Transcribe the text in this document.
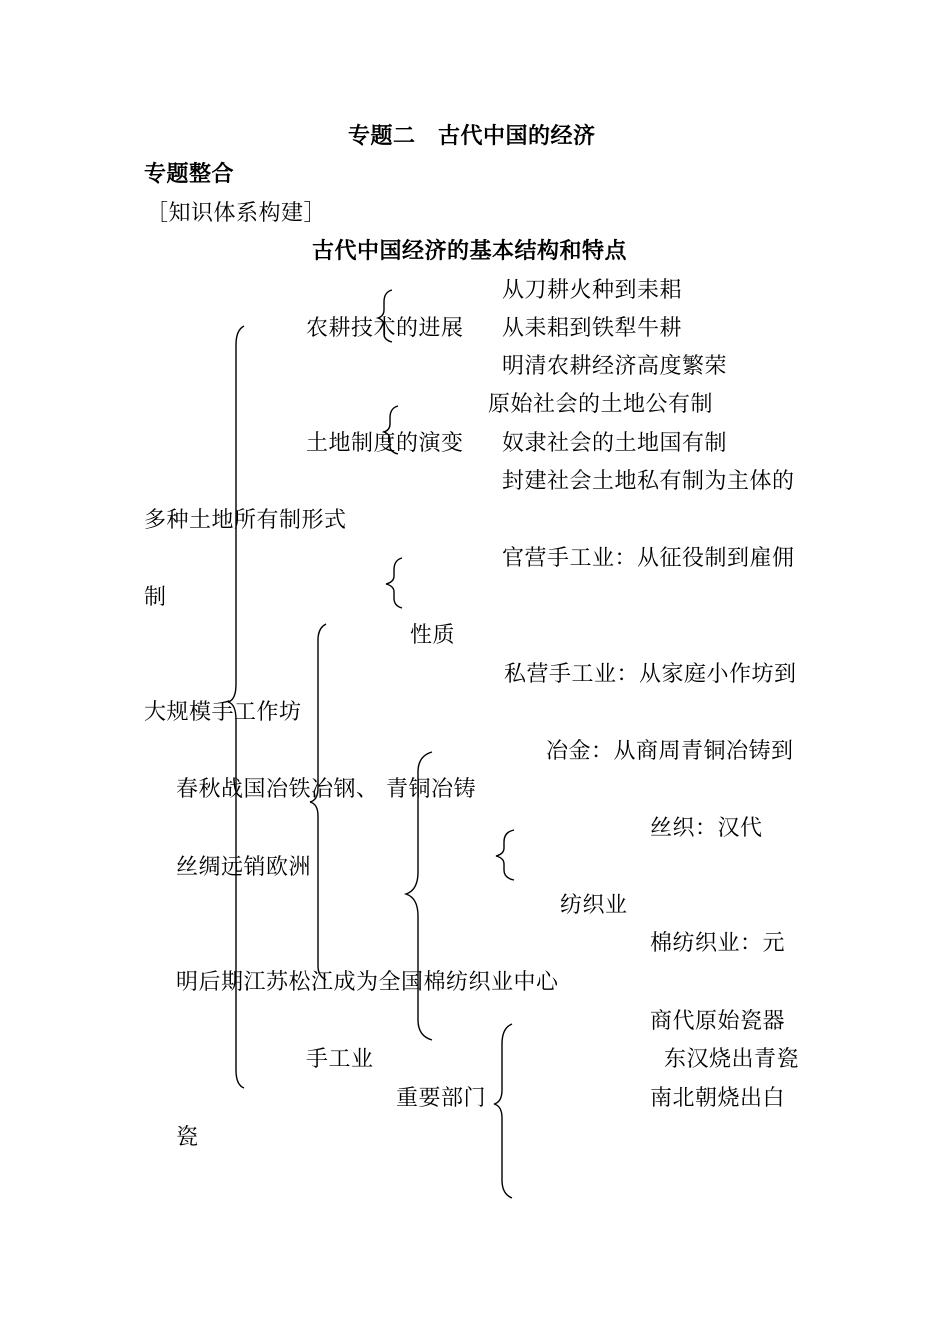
专题二　古代中国的经济
专题整合
［知识体系构建］
古代中国经济的基本结构和特点
从刀耕火种到耒耜
农耕技术的进展 从耒耜到铁犁牛耕
明清农耕经济高度繁荣
原始社会的土地公有制
土地制度的演变 奴隶社会的土地国有制
封建社会土地私有制为主体的
多种土地所有制形式
官营手工业：从征役制到雇佣
制
性质
私营手工业：从家庭小作坊到
大规模手工作坊
冶金：从商周青铜冶铸到
春秋战国冶铁冶钢、 青铜冶铸
丝织：汉代
丝绸远销欧洲
纺织业
棉纺织业：元
明后期江苏松江成为全国棉纺织业中心
商代原始瓷器
手工业	东汉烧出青瓷
重要部门	南北朝烧出白
瓷
